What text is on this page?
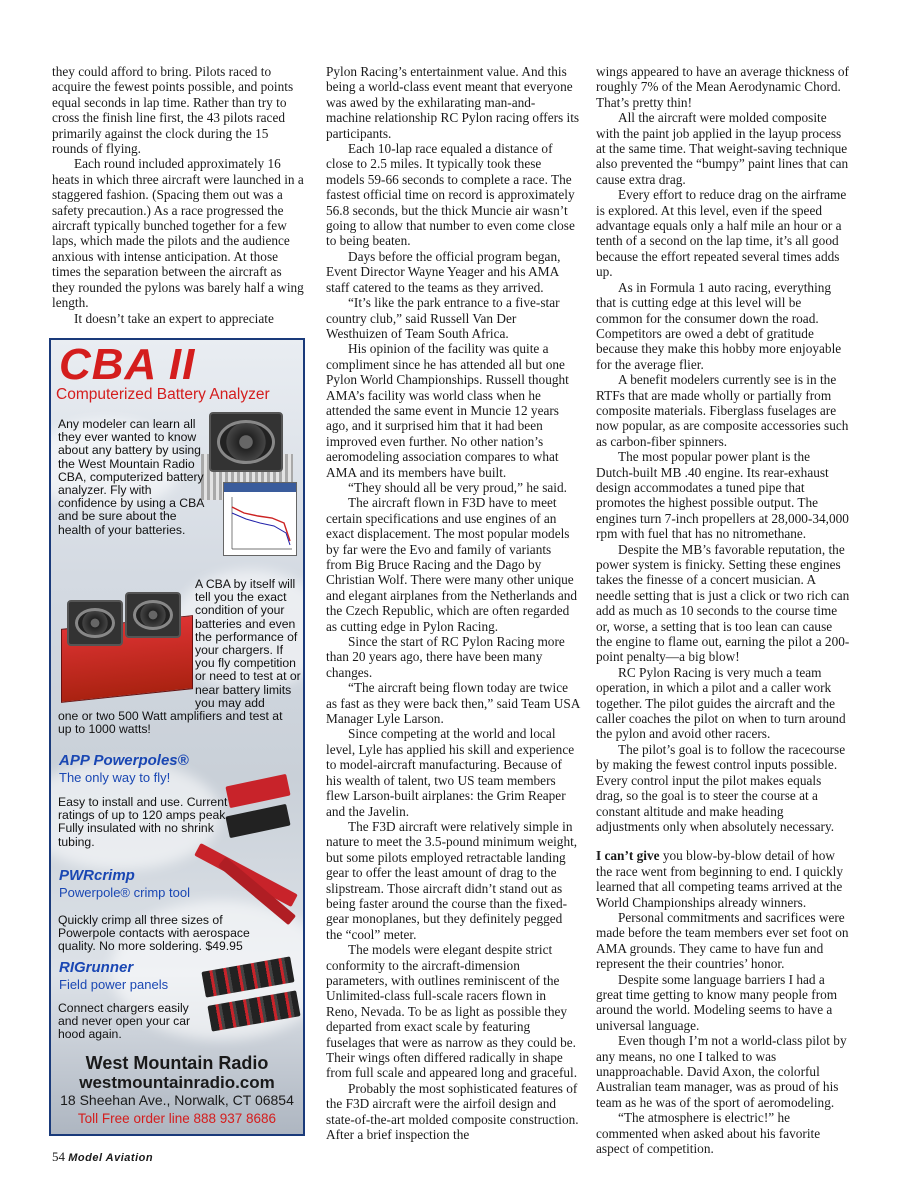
they could afford to bring. Pilots raced to acquire the fewest points possible, and points equal seconds in lap time. Rather than try to cross the finish line first, the 43 pilots raced primarily against the clock during the 15 rounds of flying.

Each round included approximately 16 heats in which three aircraft were launched in a staggered fashion. (Spacing them out was a safety precaution.) As a race progressed the aircraft typically bunched together for a few laps, which made the pilots and the audience anxious with intense anticipation. At those times the separation between the aircraft as they rounded the pylons was barely half a wing length.

It doesn’t take an expert to appreciate

CBA II
Computerized Battery Analyzer
Any modeler can learn all they ever wanted to know about any battery by using the West Mountain Radio CBA, computerized battery analyzer. Fly with confidence by using a CBA and be sure about the health of your batteries.
A CBA by itself will tell you the exact condition of your batteries and even the performance of your chargers. If you fly competition or need to test at or near battery limits you may add
one or two 500 Watt amplifiers and test at up to 1000 watts!
APP Powerpoles®
The only way to fly!
Easy to install and use. Current ratings of up to 120 amps peak. Fully insulated with no shrink tubing.
PWRcrimp
Powerpole® crimp tool
Quickly crimp all three sizes of Powerpole contacts with aerospace quality. No more soldering. $49.95
RIGrunner
Field power panels
Connect chargers easily and never open your car hood again.
West Mountain Radio
westmountainradio.com
18 Sheehan Ave., Norwalk, CT 06854
Toll Free order line 888 937 8686

Pylon Racing’s entertainment value. And this being a world-class event meant that everyone was awed by the exhilarating man-and-machine relationship RC Pylon racing offers its participants.

Each 10-lap race equaled a distance of close to 2.5 miles. It typically took these models 59-66 seconds to complete a race. The fastest official time on record is approximately 56.8 seconds, but the thick Muncie air wasn’t going to allow that number to even come close to being beaten.

Days before the official program began, Event Director Wayne Yeager and his AMA staff catered to the teams as they arrived.

“It’s like the park entrance to a five-star country club,” said Russell Van Der Westhuizen of Team South Africa.

His opinion of the facility was quite a compliment since he has attended all but one Pylon World Championships. Russell thought AMA’s facility was world class when he attended the same event in Muncie 12 years ago, and it surprised him that it had been improved even further. No other nation’s aeromodeling association compares to what AMA and its members have built.

“They should all be very proud,” he said.

The aircraft flown in F3D have to meet certain specifications and use engines of an exact displacement. The most popular models by far were the Evo and family of variants from Big Bruce Racing and the Dago by Christian Wolf. There were many other unique and elegant airplanes from the Netherlands and the Czech Republic, which are often regarded as cutting edge in Pylon Racing.

Since the start of RC Pylon Racing more than 20 years ago, there have been many changes.

“The aircraft being flown today are twice as fast as they were back then,” said Team USA Manager Lyle Larson.

Since competing at the world and local level, Lyle has applied his skill and experience to model-aircraft manufacturing. Because of his wealth of talent, two US team members flew Larson-built airplanes: the Grim Reaper and the Javelin.

The F3D aircraft were relatively simple in nature to meet the 3.5-pound minimum weight, but some pilots employed retractable landing gear to offer the least amount of drag to the slipstream. Those aircraft didn’t stand out as being faster around the course than the fixed-gear monoplanes, but they definitely pegged the “cool” meter.

The models were elegant despite strict conformity to the aircraft-dimension parameters, with outlines reminiscent of the Unlimited-class full-scale racers flown in Reno, Nevada. To be as light as possible they departed from exact scale by featuring fuselages that were as narrow as they could be. Their wings often differed radically in shape from full scale and appeared long and graceful.

Probably the most sophisticated features of the F3D aircraft were the airfoil design and state-of-the-art molded composite construction. After a brief inspection the

wings appeared to have an average thickness of roughly 7% of the Mean Aerodynamic Chord. That’s pretty thin!

All the aircraft were molded composite with the paint job applied in the layup process at the same time. That weight-saving technique also prevented the “bumpy” paint lines that can cause extra drag.

Every effort to reduce drag on the airframe is explored. At this level, even if the speed advantage equals only a half mile an hour or a tenth of a second on the lap time, it’s all good because the effort repeated several times adds up.

As in Formula 1 auto racing, everything that is cutting edge at this level will be common for the consumer down the road. Competitors are owed a debt of gratitude because they make this hobby more enjoyable for the average flier.

A benefit modelers currently see is in the RTFs that are made wholly or partially from composite materials. Fiberglass fuselages are now popular, as are composite accessories such as carbon-fiber spinners.

The most popular power plant is the Dutch-built MB .40 engine. Its rear-exhaust design accommodates a tuned pipe that promotes the highest possible output. The engines turn 7-inch propellers at 28,000-34,000 rpm with fuel that has no nitromethane.

Despite the MB’s favorable reputation, the power system is finicky. Setting these engines takes the finesse of a concert musician. A needle setting that is just a click or two rich can add as much as 10 seconds to the course time or, worse, a setting that is too lean can cause the engine to flame out, earning the pilot a 200-point penalty—a big blow!

RC Pylon Racing is very much a team operation, in which a pilot and a caller work together. The pilot guides the aircraft and the caller coaches the pilot on when to turn around the pylon and avoid other racers.

The pilot’s goal is to follow the racecourse by making the fewest control inputs possible. Every control input the pilot makes equals drag, so the goal is to steer the course at a constant altitude and make heading adjustments only when absolutely necessary.

I can’t give you blow-by-blow detail of how the race went from beginning to end. I quickly learned that all competing teams arrived at the World Championships already winners.

Personal commitments and sacrifices were made before the team members ever set foot on AMA grounds. They came to have fun and represent the their countries’ honor.

Despite some language barriers I had a great time getting to know many people from around the world. Modeling seems to have a universal language.

Even though I’m not a world-class pilot by any means, no one I talked to was unapproachable. David Axon, the colorful Australian team manager, was as proud of his team as he was of the sport of aeromodeling.

“The atmosphere is electric!” he commented when asked about his favorite aspect of competition.

54 Model Aviation
